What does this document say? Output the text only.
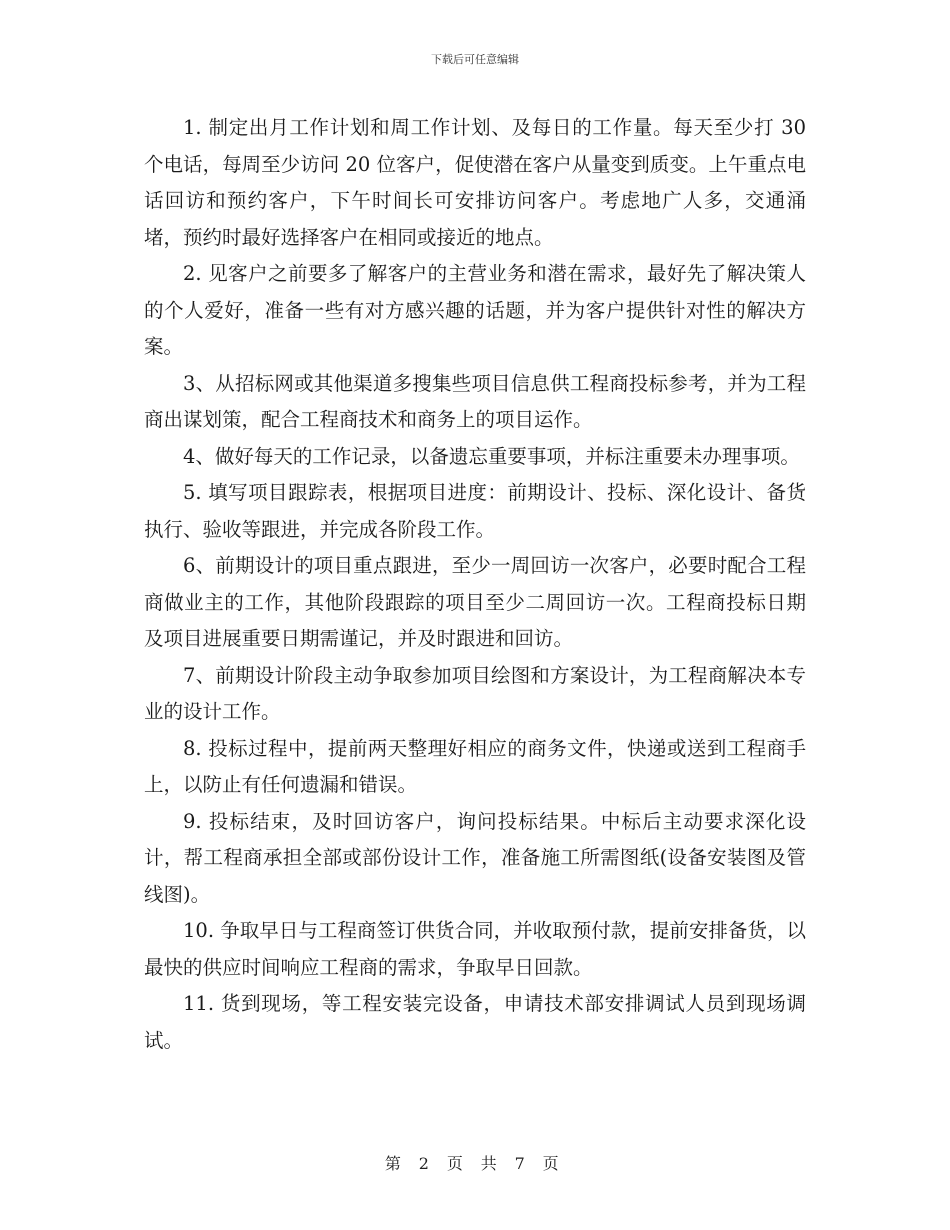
下载后可任意编辑

1. 制定出月工作计划和周工作计划、及每日的工作量。每天至少打 30 个电话，每周至少访问 20 位客户，促使潜在客户从量变到质变。上午重点电话回访和预约客户，下午时间长可安排访问客户。考虑地广人多，交通涌堵，预约时最好选择客户在相同或接近的地点。

2. 见客户之前要多了解客户的主营业务和潜在需求，最好先了解决策人的个人爱好，准备一些有对方感兴趣的话题，并为客户提供针对性的解决方案。

3、从招标网或其他渠道多搜集些项目信息供工程商投标参考，并为工程商出谋划策，配合工程商技术和商务上的项目运作。

4、做好每天的工作记录，以备遗忘重要事项，并标注重要未办理事项。

5. 填写项目跟踪表，根据项目进度：前期设计、投标、深化设计、备货执行、验收等跟进，并完成各阶段工作。

6、前期设计的项目重点跟进，至少一周回访一次客户，必要时配合工程商做业主的工作，其他阶段跟踪的项目至少二周回访一次。工程商投标日期及项目进展重要日期需谨记，并及时跟进和回访。

7、前期设计阶段主动争取参加项目绘图和方案设计，为工程商解决本专业的设计工作。

8. 投标过程中，提前两天整理好相应的商务文件，快递或送到工程商手上，以防止有任何遗漏和错误。

9. 投标结束，及时回访客户，询问投标结果。中标后主动要求深化设计，帮工程商承担全部或部份设计工作，准备施工所需图纸(设备安装图及管线图)。

10. 争取早日与工程商签订供货合同，并收取预付款，提前安排备货，以最快的供应时间响应工程商的需求，争取早日回款。

11. 货到现场，等工程安装完设备，申请技术部安排调试人员到现场调试。

第 2 页 共 7 页
